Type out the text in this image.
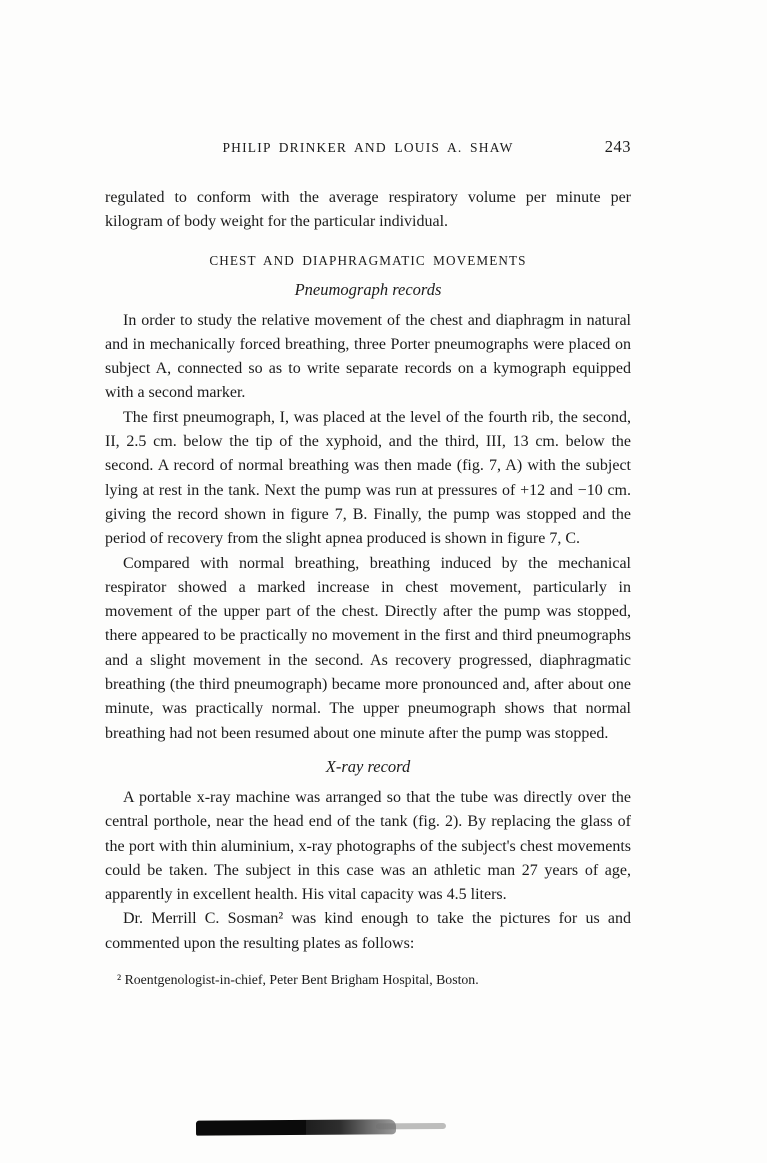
PHILIP DRINKER AND LOUIS A. SHAW	243

regulated to conform with the average respiratory volume per minute per kilogram of body weight for the particular individual.

CHEST AND DIAPHRAGMATIC MOVEMENTS
Pneumograph records

In order to study the relative movement of the chest and diaphragm in natural and in mechanically forced breathing, three Porter pneumographs were placed on subject A, connected so as to write separate records on a kymograph equipped with a second marker.

The first pneumograph, I, was placed at the level of the fourth rib, the second, II, 2.5 cm. below the tip of the xyphoid, and the third, III, 13 cm. below the second. A record of normal breathing was then made (fig. 7, A) with the subject lying at rest in the tank. Next the pump was run at pressures of +12 and −10 cm. giving the record shown in figure 7, B. Finally, the pump was stopped and the period of recovery from the slight apnea produced is shown in figure 7, C.

Compared with normal breathing, breathing induced by the mechanical respirator showed a marked increase in chest movement, particularly in movement of the upper part of the chest. Directly after the pump was stopped, there appeared to be practically no movement in the first and third pneumographs and a slight movement in the second. As recovery progressed, diaphragmatic breathing (the third pneumograph) became more pronounced and, after about one minute, was practically normal. The upper pneumograph shows that normal breathing had not been resumed about one minute after the pump was stopped.

X-ray record

A portable x-ray machine was arranged so that the tube was directly over the central porthole, near the head end of the tank (fig. 2). By replacing the glass of the port with thin aluminium, x-ray photographs of the subject's chest movements could be taken. The subject in this case was an athletic man 27 years of age, apparently in excellent health. His vital capacity was 4.5 liters.

Dr. Merrill C. Sosman² was kind enough to take the pictures for us and commented upon the resulting plates as follows:

² Roentgenologist-in-chief, Peter Bent Brigham Hospital, Boston.
